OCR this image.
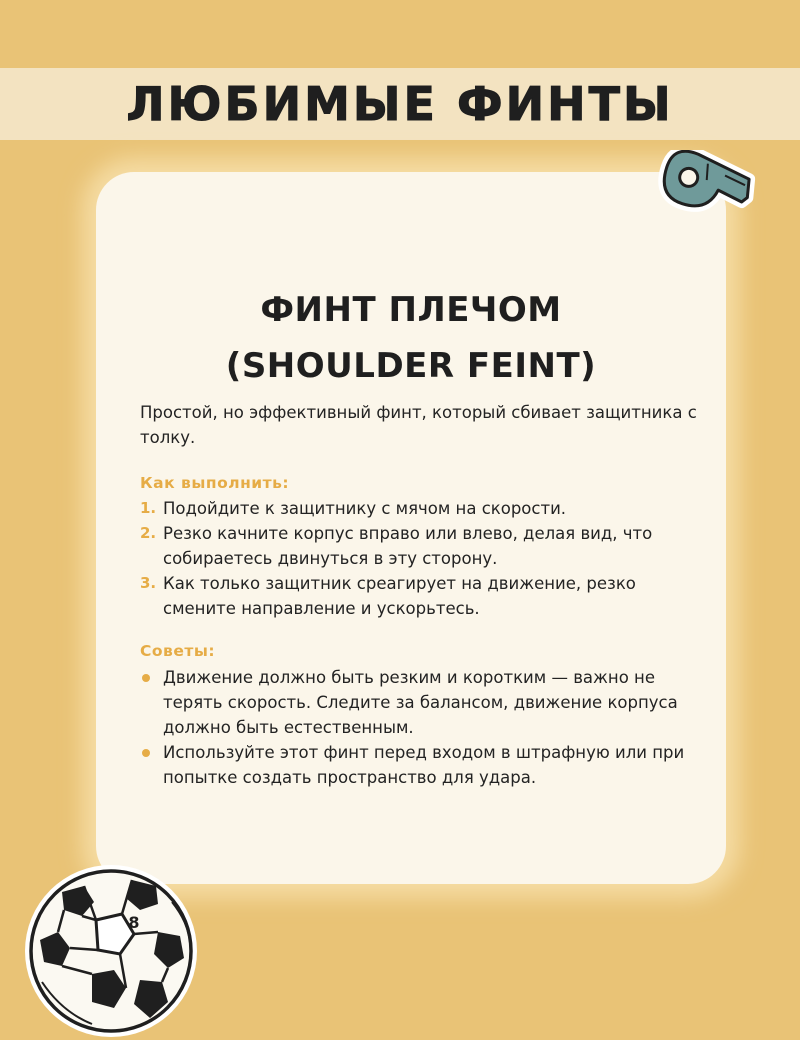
ЛЮБИМЫЕ ФИНТЫ
ФИНТ ПЛЕЧОМ
(SHOULDER FEINT)
Простой, но эффективный финт, который сбивает защитника с толку.
Как выполнить:
1. Подойдите к защитнику с мячом на скорости.
2. Резко качните корпус вправо или влево, делая вид, что собираетесь двинуться в эту сторону.
3. Как только защитник среагирует на движение, резко смените направление и ускорьтесь.
Советы:
Движение должно быть резким и коротким — важно не терять скорость. Следите за балансом, движение корпуса должно быть естественным.
Используйте этот финт перед входом в штрафную или при попытке создать пространство для удара.
8
